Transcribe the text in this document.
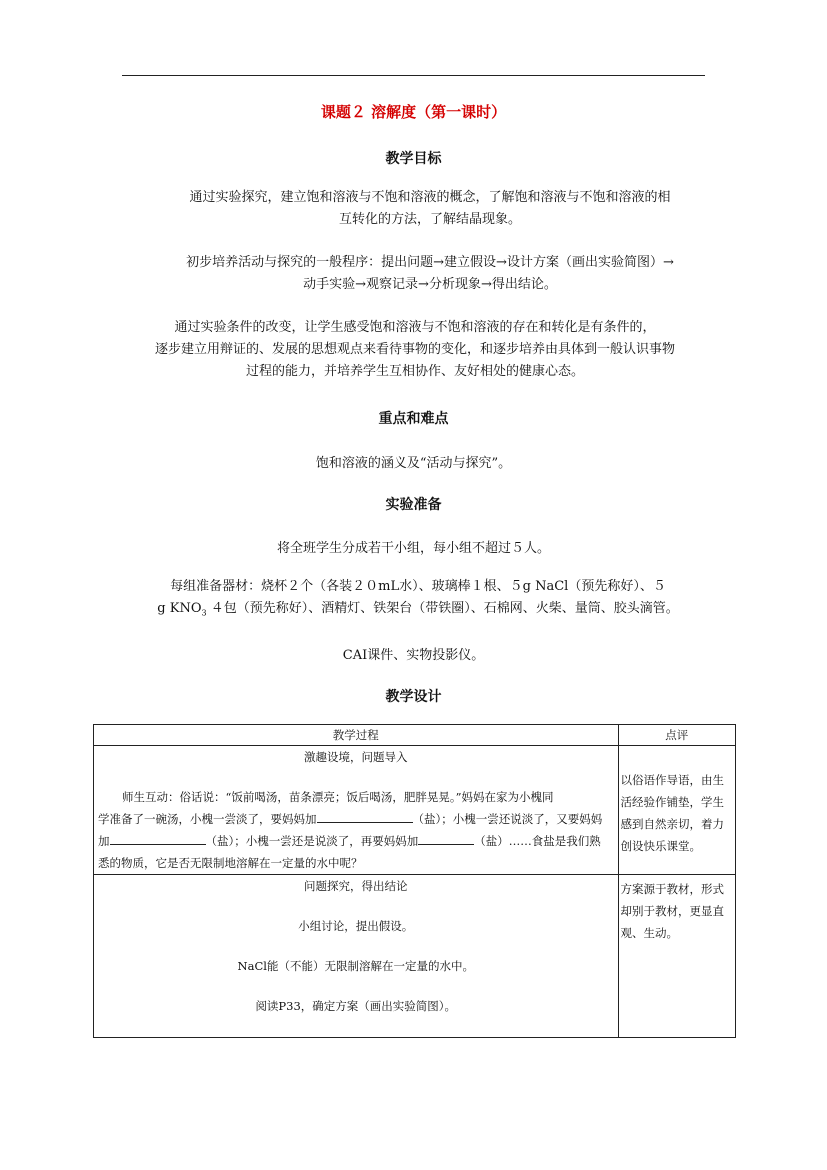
课题２ 溶解度（第一课时）
教学目标
通过实验探究，建立饱和溶液与不饱和溶液的概念，了解饱和溶液与不饱和溶液的相
互转化的方法，了解结晶现象。
初步培养活动与探究的一般程序：提出问题→建立假设→设计方案（画出实验简图）→
动手实验→观察记录→分析现象→得出结论。
通过实验条件的改变，让学生感受饱和溶液与不饱和溶液的存在和转化是有条件的，
逐步建立用辩证的、发展的思想观点来看待事物的变化，和逐步培养由具体到一般认识事物
过程的能力，并培养学生互相协作、友好相处的健康心态。
重点和难点
饱和溶液的涵义及“活动与探究”。
实验准备
将全班学生分成若干小组，每小组不超过５人。
每组准备器材：烧杯２个（各装２０mL水）、玻璃棒１根、５g NaCl（预先称好）、５
g $KNO_3$ ４包（预先称好）、酒精灯、铁架台（带铁圈）、石棉网、火柴、量筒、胶头滴管。
CAI课件、实物投影仪。
教学设计
教学过程	点评

激趣设境，问题导入
师生互动：俗话说：“饭前喝汤，苗条漂亮；饭后喝汤，肥胖晃晃。”妈妈在家为小槐同
学准备了一碗汤，小槐一尝淡了，要妈妈加 （盐）；小槐一尝还说淡了，又要妈妈
加 （盐）；小槐一尝还是说淡了，再要妈妈加 （盐）……食盐是我们熟
悉的物质，它是否无限制地溶解在一定量的水中呢？	以俗语作导语，由生活经验作铺垫，学生感到自然亲切，着力创设快乐课堂。

问题探究，得出结论
小组讨论，提出假设。
NaCl能（不能）无限制溶解在一定量的水中。
阅读P33，确定方案（画出实验简图）。	方案源于教材，形式却别于教材，更显直观、生动。
